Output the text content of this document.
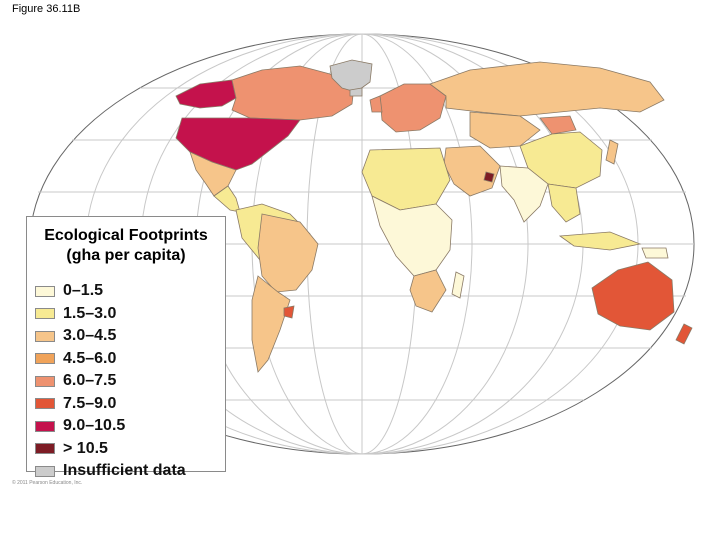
Figure 36.11B
Ecological Footprints
(gha per capita)
0–1.5
1.5–3.0
3.0–4.5
4.5–6.0
6.0–7.5
7.5–9.0
9.0–10.5
> 10.5
Insufficient data
© 2011 Pearson Education, Inc.
